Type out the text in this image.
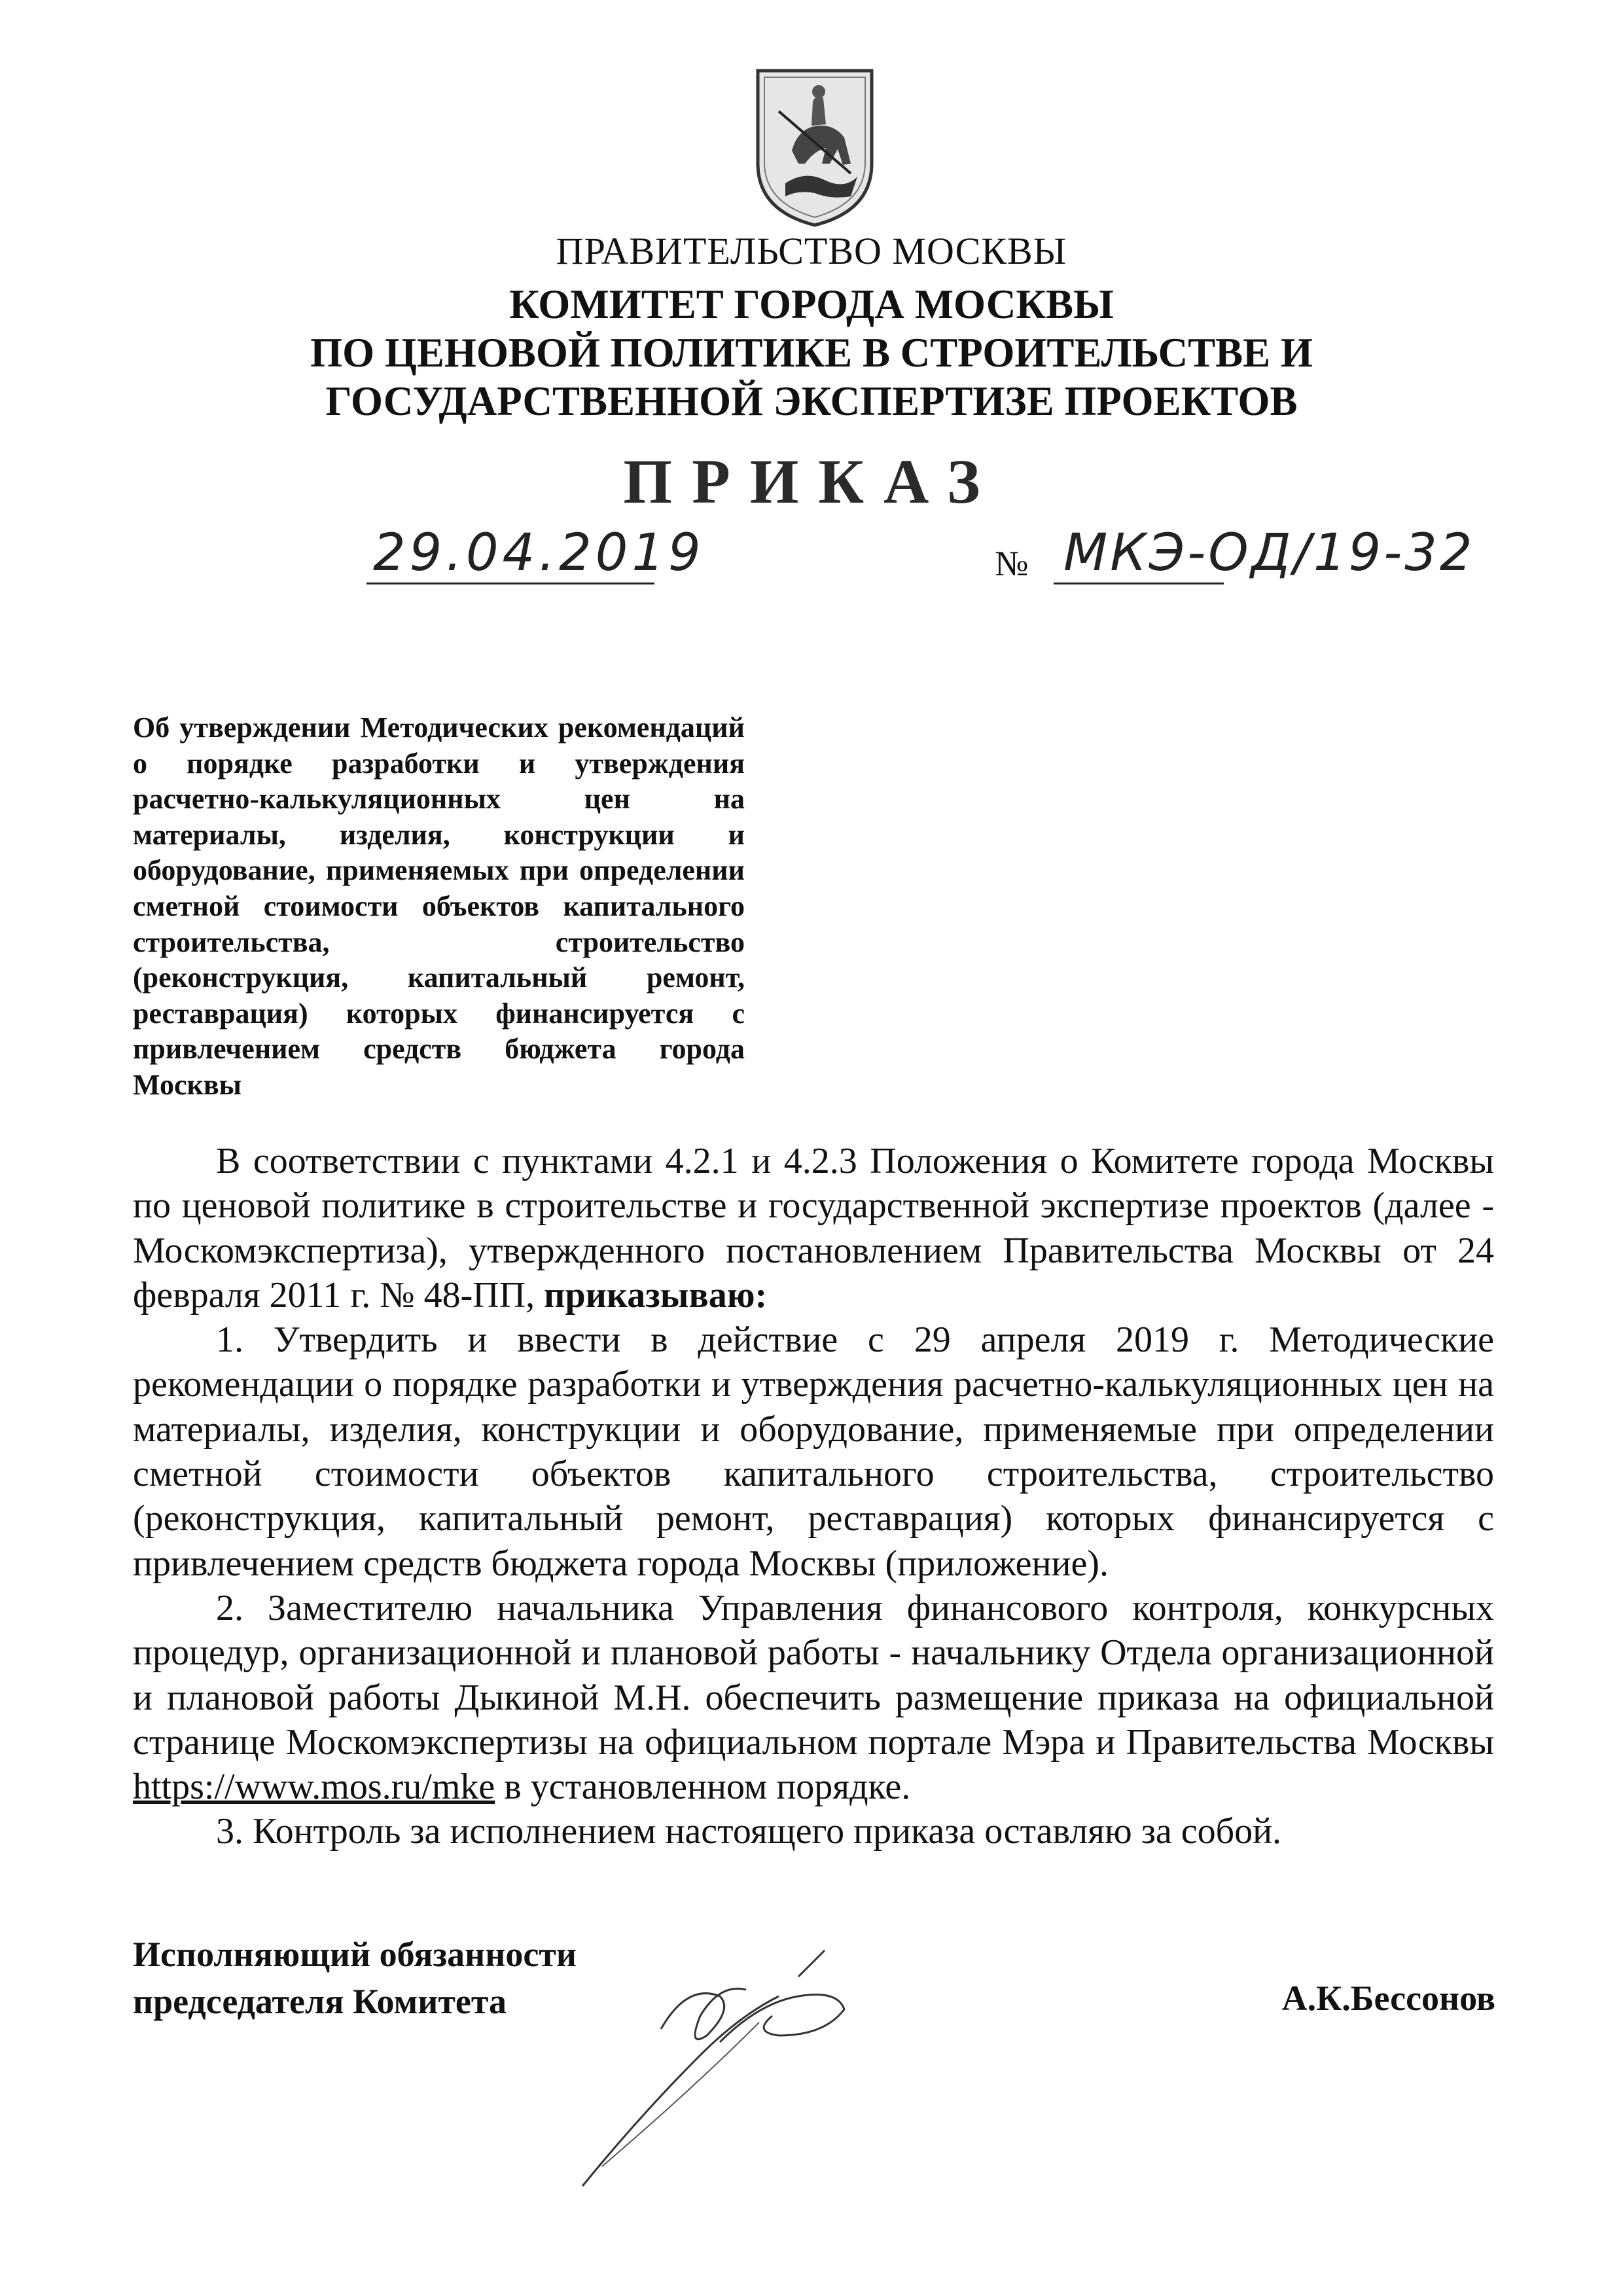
ПРАВИТЕЛЬСТВО МОСКВЫ
КОМИТЕТ ГОРОДА МОСКВЫ
ПО ЦЕНОВОЙ ПОЛИТИКЕ В СТРОИТЕЛЬСТВЕ И
ГОСУДАРСТВЕННОЙ ЭКСПЕРТИЗЕ ПРОЕКТОВ
ПРИКАЗ
29.04.2019	№ МКЭ-ОД/19-32
Об утверждении Методических рекомендаций о порядке разработки и утверждения расчетно-калькуляционных цен на материалы, изделия, конструкции и оборудование, применяемых при определении сметной стоимости объектов капитального строительства, строительство (реконструкция, капитальный ремонт, реставрация) которых финансируется с привлечением средств бюджета города Москвы

В соответствии с пунктами 4.2.1 и 4.2.3 Положения о Комитете города Москвы по ценовой политике в строительстве и государственной экспертизе проектов (далее - Москомэкспертиза), утвержденного постановлением Правительства Москвы от 24 февраля 2011 г. № 48-ПП, приказываю:

1. Утвердить и ввести в действие с 29 апреля 2019 г. Методические рекомендации о порядке разработки и утверждения расчетно-калькуляционных цен на материалы, изделия, конструкции и оборудование, применяемые при определении сметной стоимости объектов капитального строительства, строительство (реконструкция, капитальный ремонт, реставрация) которых финансируется с привлечением средств бюджета города Москвы (приложение).

2. Заместителю начальника Управления финансового контроля, конкурсных процедур, организационной и плановой работы - начальнику Отдела организационной и плановой работы Дыкиной М.Н. обеспечить размещение приказа на официальной странице Москомэкспертизы на официальном портале Мэра и Правительства Москвы https://www.mos.ru/mke в установленном порядке.

3. Контроль за исполнением настоящего приказа оставляю за собой.

Исполняющий обязанности
председателя Комитета	А.К.Бессонов
